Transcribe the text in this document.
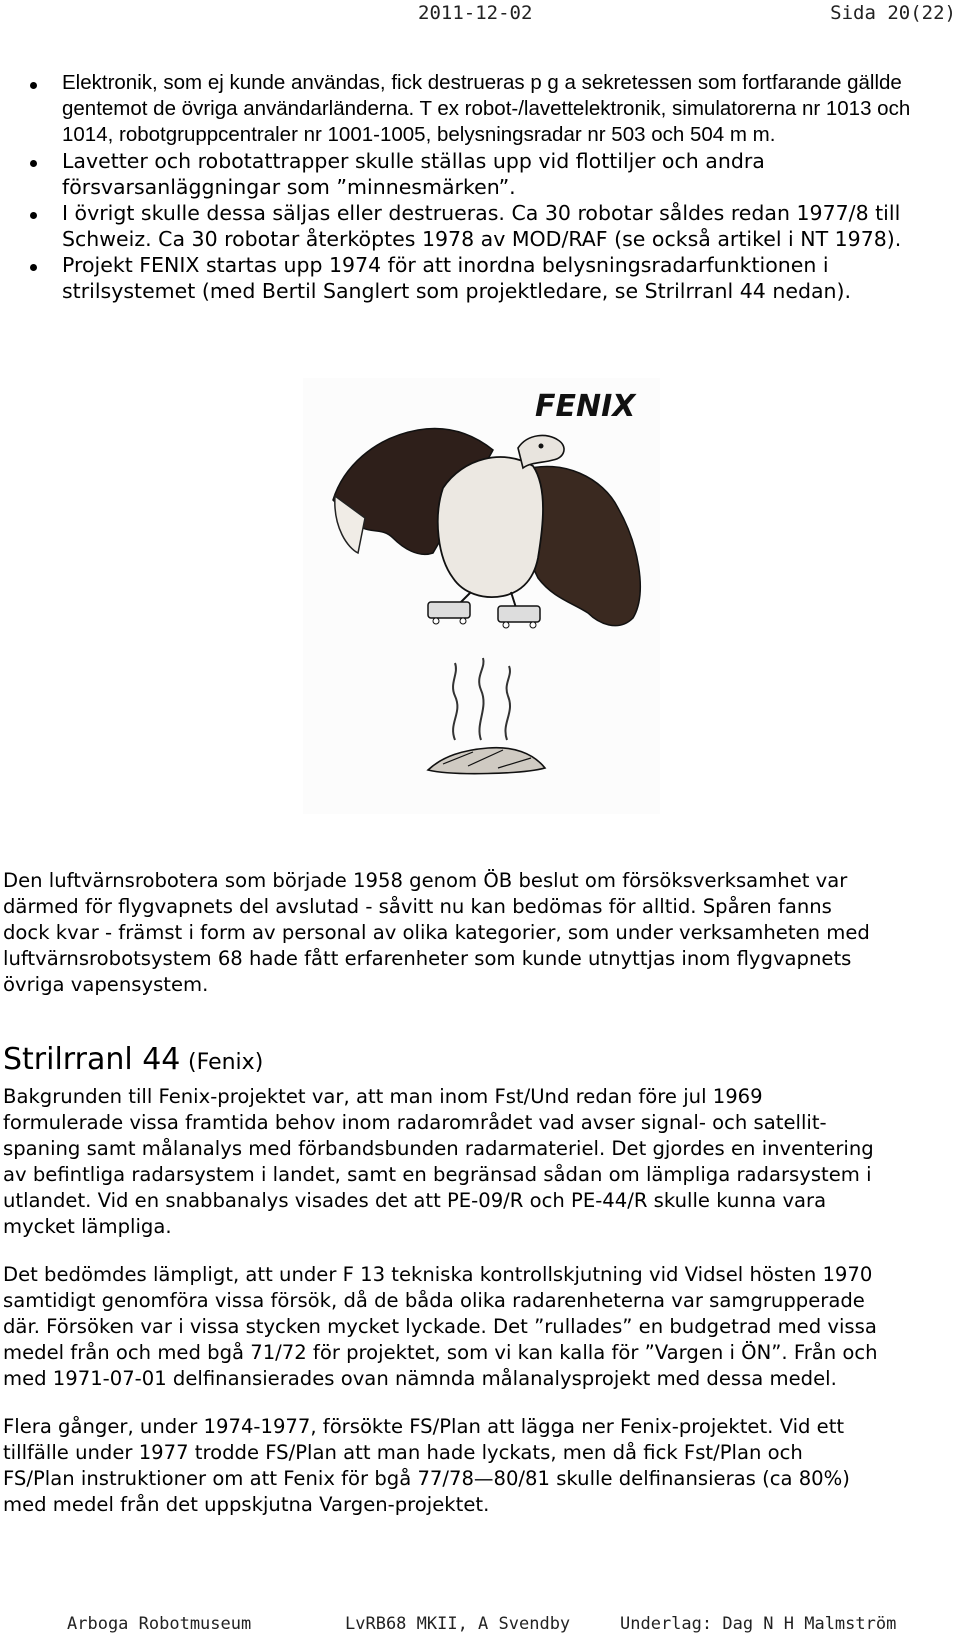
2011-12-02	Sida 20(22)
Elektronik, som ej kunde användas, fick destrueras p g a sekretessen som fortfarande gällde gentemot de övriga användarländerna. T ex robot-/lavettelektronik, simulatorerna nr 1013 och 1014, robotgruppcentraler nr 1001-1005, belysningsradar nr 503 och 504 m m.
Lavetter och robotattrapper skulle ställas upp vid flottiljer och andra försvarsanläggningar som ”minnesmärken”.
I övrigt skulle dessa säljas eller destrueras. Ca 30 robotar såldes redan 1977/8 till Schweiz. Ca 30 robotar återköptes 1978 av MOD/RAF (se också artikel i NT 1978).
Projekt FENIX startas upp 1974 för att inordna belysningsradarfunktionen i strilsystemet (med Bertil Sanglert som projektledare, se Strilrranl 44 nedan).
FENIX

Den luftvärnsrobotera som började 1958 genom ÖB beslut om försöksverksamhet var
därmed för flygvapnets del avslutad - såvitt nu kan bedömas för alltid. Spåren fanns
dock kvar - främst i form av personal av olika kategorier, som under verksamheten med
luftvärnsrobotsystem 68 hade fått erfarenheter som kunde utnyttjas inom flygvapnets
övriga vapensystem.

Strilrranl 44 (Fenix)

Bakgrunden till Fenix-projektet var, att man inom Fst/Und redan före jul 1969
formulerade vissa framtida behov inom radarområdet vad avser signal- och satellit-
spaning samt målanalys med förbandsbunden radarmateriel. Det gjordes en inventering
av befintliga radarsystem i landet, samt en begränsad sådan om lämpliga radarsystem i
utlandet. Vid en snabbanalys visades det att PE-09/R och PE-44/R skulle kunna vara
mycket lämpliga.

Det bedömdes lämpligt, att under F 13 tekniska kontrollskjutning vid Vidsel hösten 1970
samtidigt genomföra vissa försök, då de båda olika radarenheterna var samgrupperade
där. Försöken var i vissa stycken mycket lyckade. Det ”rullades” en budgetrad med vissa
medel från och med bgå 71/72 för projektet, som vi kan kalla för ”Vargen i ÖN”. Från och
med 1971-07-01 delfinansierades ovan nämnda målanalysprojekt med dessa medel.

Flera gånger, under 1974-1977, försökte FS/Plan att lägga ner Fenix-projektet. Vid ett
tillfälle under 1977 trodde FS/Plan att man hade lyckats, men då fick Fst/Plan och
FS/Plan instruktioner om att Fenix för bgå 77/78—80/81 skulle delfinansieras (ca 80%)
med medel från det uppskjutna Vargen-projektet.

Arboga Robotmuseum	LvRB68 MKII, A Svendby	Underlag: Dag N H Malmström
